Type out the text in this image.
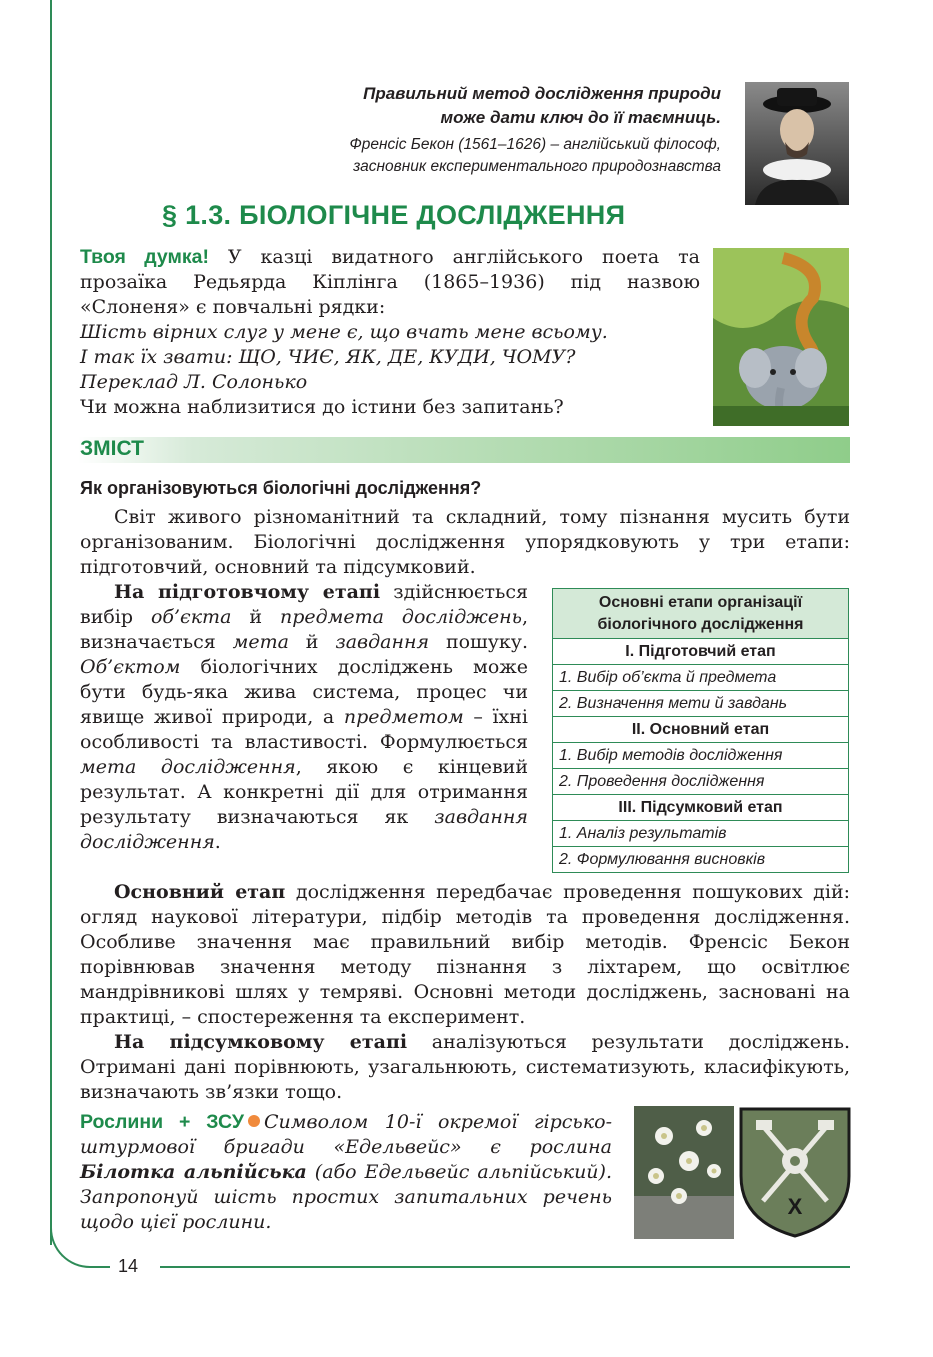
14
Правильний метод дослідження природи
може дати ключ до її таємниць.
Френсіс Бекон (1561–1626) – англійський філософ,
засновник експериментального природознавства
§ 1.3. БІОЛОГІЧНЕ ДОСЛІДЖЕННЯ

Твоя думка! У казці видатного англійського поета та прозаїка Редьярда Кіплінга (1865–1936) під назвою «Слоненя» є повчальні рядки:

Шість вірних слуг у мене є, що вчать мене всьому.

І так їх звати: ЩО, ЧИЄ, ЯК, ДЕ, КУДИ, ЧОМУ?

Переклад Л. Солонько

Чи можна наблизитися до істини без запитань?

ЗМІСТ
Як організовуються біологічні дослідження?
Світ живого різноманітний та складний, тому пізнання мусить бути організованим. Біологічні дослідження упорядковують у три етапи: підготовчий, основний та підсумковий.
На підготовчому етапі здійснюється вибір об’єкта й предмета досліджень, визначається мета й завдання пошуку. Об’єктом біологічних досліджень може бути будь-яка жива система, процес чи явище живої природи, а предметом – їхні особливості та властивості. Формулюється мета дослідження, якою є кінцевий результат. А конкретні дії для отримання результату визначаються як завдання дослідження.
Основні етапи організації
біологічного дослідження

І. Підготовчий етап
1. Вибір об’єкта й предмета
2. Визначення мети й завдань
ІІ. Основний етап
1. Вибір методів дослідження
2. Проведення дослідження
ІІІ. Підсумковий етап
1. Аналіз результатів
2. Формулювання висновків

Основний етап дослідження передбачає проведення пошукових дій: огляд наукової літератури, підбір методів та проведення дослідження. Особливе значення має правильний вибір методів. Френсіс Бекон порівнював значення методу пізнання з ліхтарем, що освітлює мандрівникові шлях у темряві. Основні методи досліджень, засновані на практиці, – спостереження та експеримент.

На підсумковому етапі аналізуються результати досліджень. Отримані дані порівнюють, узагальнюють, систематизують, класифікують, визначають зв’язки тощо.

Рослини + ЗСУ Символом 10-ї окремої гірсько-штурмової бригади «Едельвейс» є рослина Білотка альпійська (або Едельвейс альпійський). Запропонуй шість простих запитальних речень щодо цієї рослини.
Х
